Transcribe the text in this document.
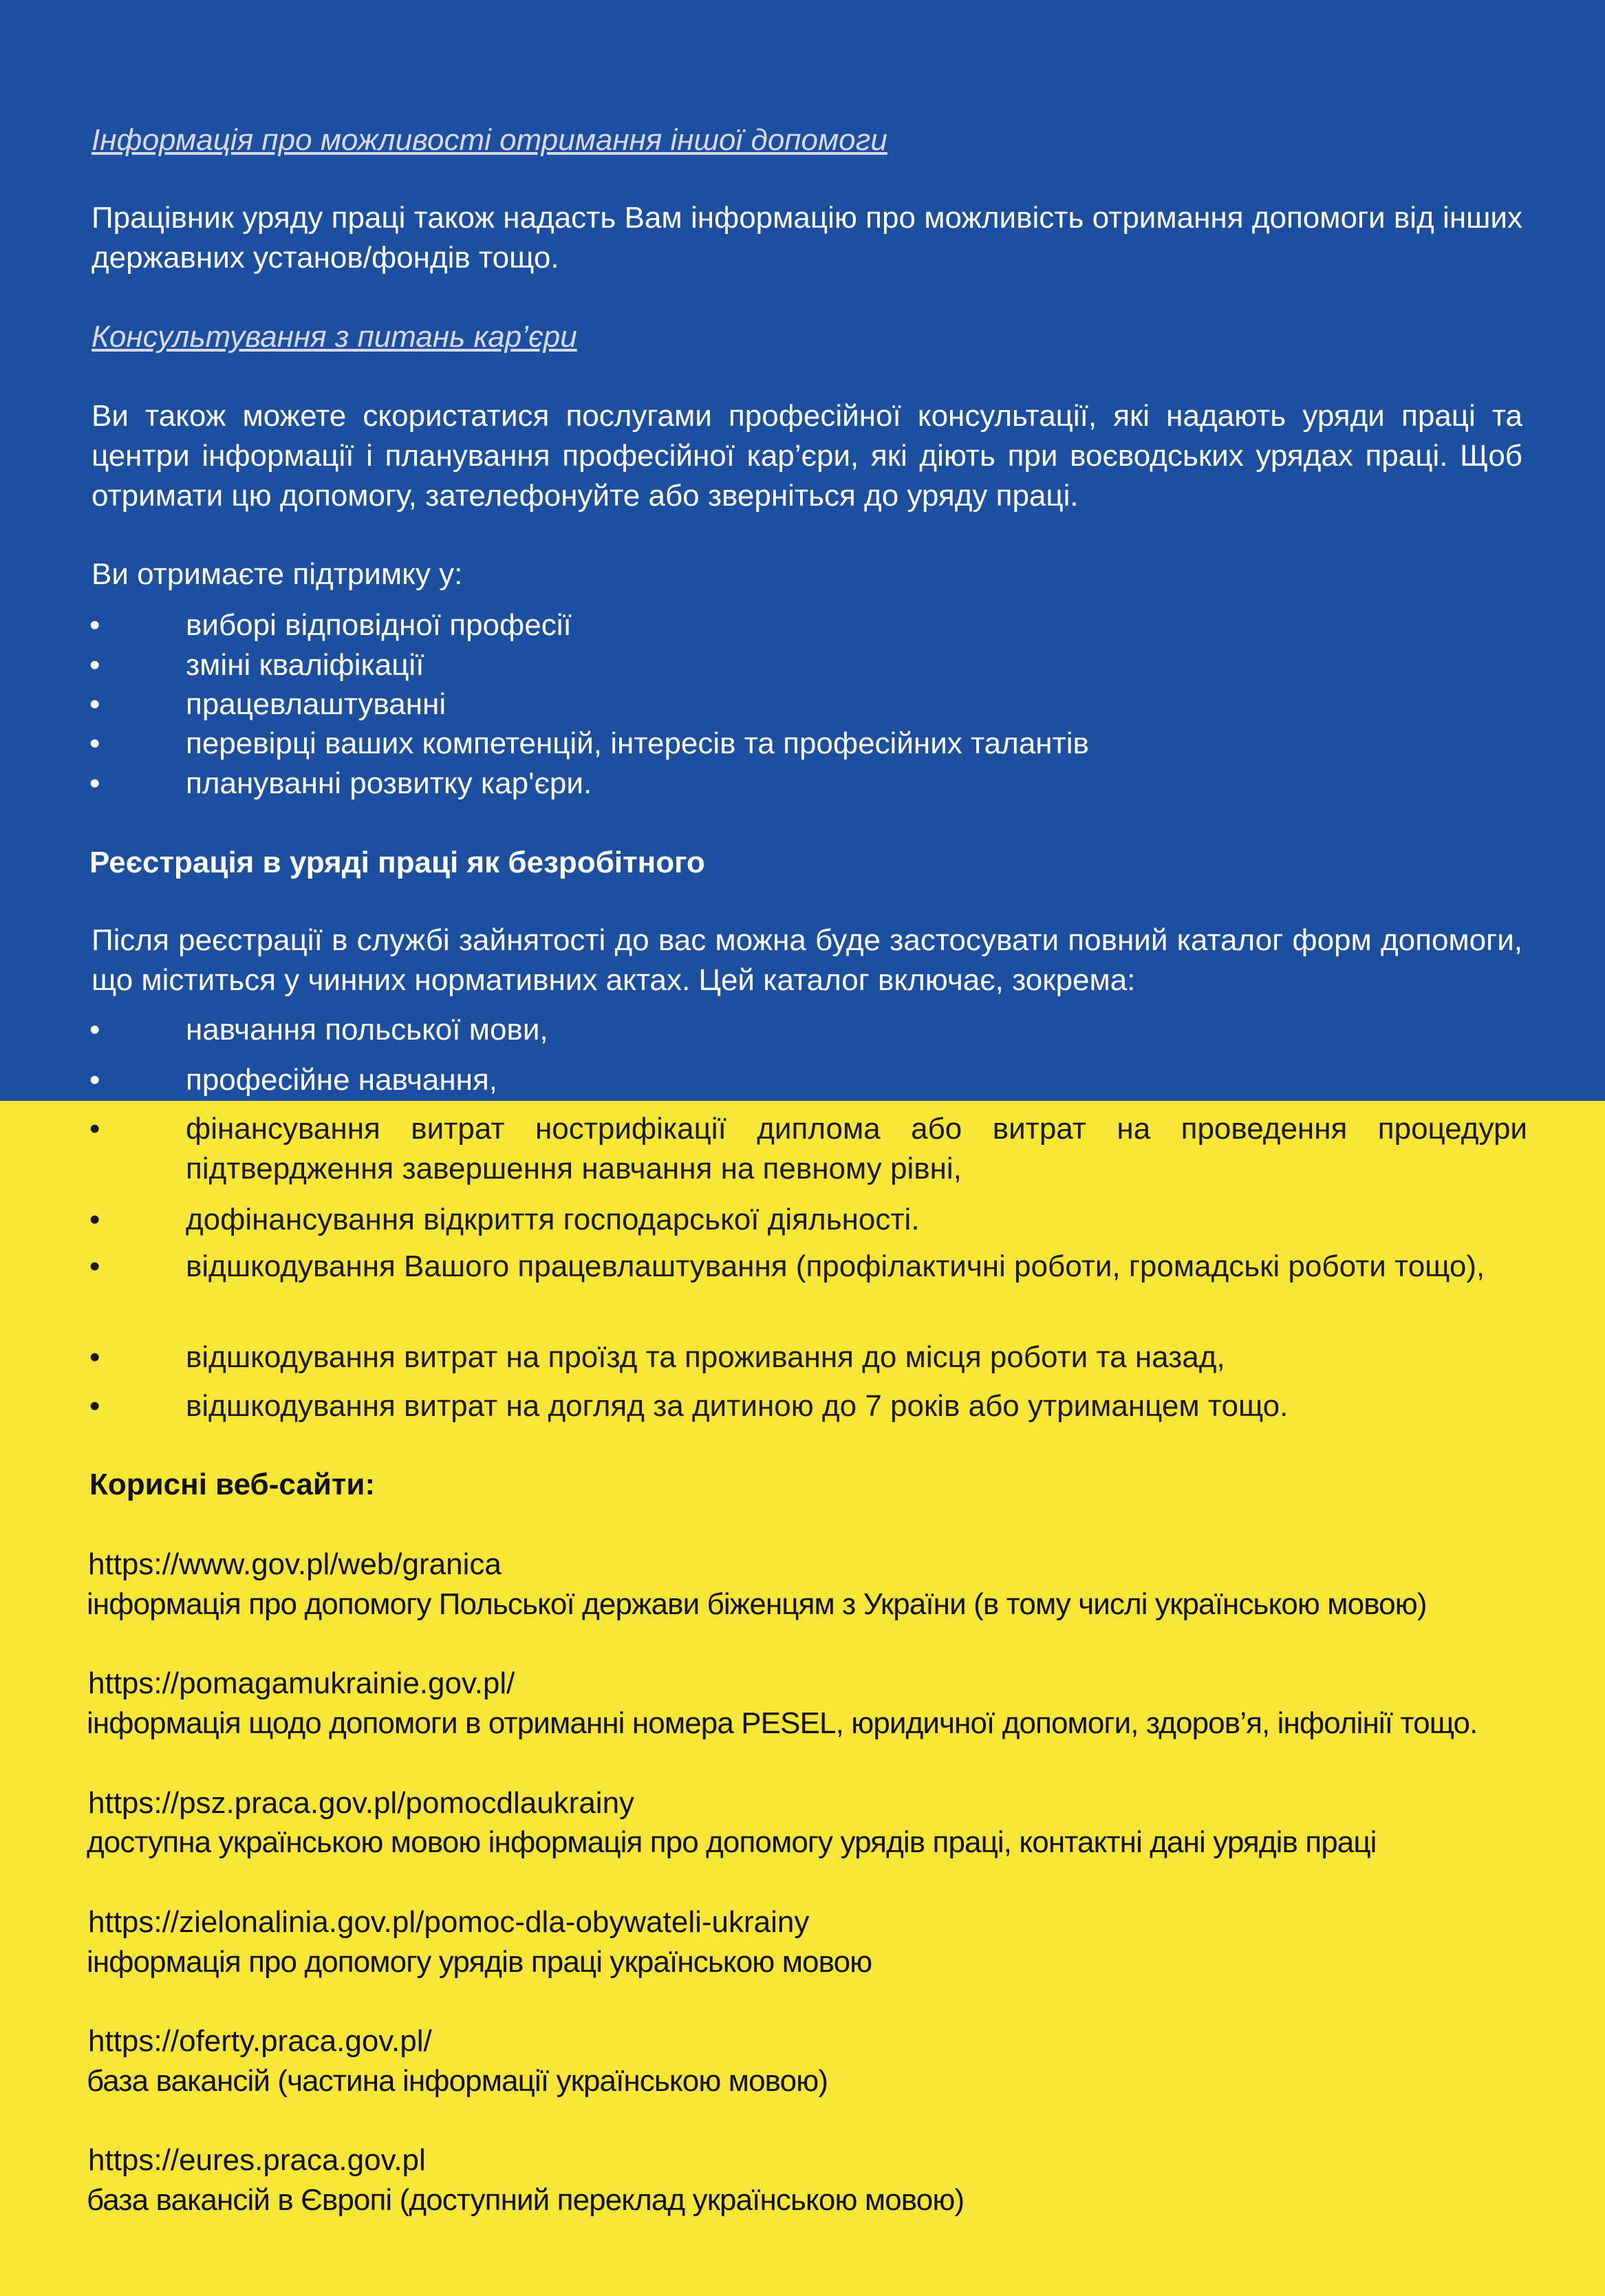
Інформація про можливості отримання іншої допомоги
Працівник уряду праці також надасть Вам інформацію про можливість отримання допомоги від інших державних установ/фондів тощо.
Консультування з питань кар’єри
Ви також можете скористатися послугами професійної консультації, які надають уряди праці та центри інформації і планування професійної кар’єри, які діють при воєводських урядах праці. Щоб отримати цю допомогу, зателефонуйте або зверніться до уряду праці.
Ви отримаєте підтримку у:
•	виборі відповідної професії
•	зміні кваліфікації
•	працевлаштуванні
•	перевірці ваших компетенцій, інтересів та професійних талантів
•	плануванні розвитку кар'єри.
Реєстрація в уряді праці як безробітного
Після реєстрації в службі зайнятості до вас можна буде застосувати повний каталог форм допомоги, що міститься у чинних нормативних актах. Цей каталог включає, зокрема:
•	навчання польської мови,
•	професійне навчання,
•	фінансування витрат нострифікації диплома або витрат на проведення процедури підтвердження завершення навчання на певному рівні,
•	дофінансування відкриття господарської діяльності.
•	відшкодування Вашого працевлаштування (профілактичні роботи, громадські роботи тощо),
•	відшкодування витрат на проїзд та проживання до місця роботи та назад,
•	відшкодування витрат на догляд за дитиною до 7 років або утриманцем тощо.
Корисні веб-сайти:
https://www.gov.pl/web/granica
інформація про допомогу Польської держави біженцям з України (в тому числі українською мовою)
https://pomagamukrainie.gov.pl/
інформація щодо допомоги в отриманні номера PESEL, юридичної допомоги, здоров’я, інфолінії тощо.
https://psz.praca.gov.pl/pomocdlaukrainy
доступна українською мовою інформація про допомогу урядів праці, контактні дані урядів праці
https://zielonalinia.gov.pl/pomoc-dla-obywateli-ukrainy
інформація про допомогу урядів праці українською мовою
https://oferty.praca.gov.pl/
база вакансій (частина інформації українською мовою)
https://eures.praca.gov.pl
база вакансій в Європі (доступний переклад українською мовою)
